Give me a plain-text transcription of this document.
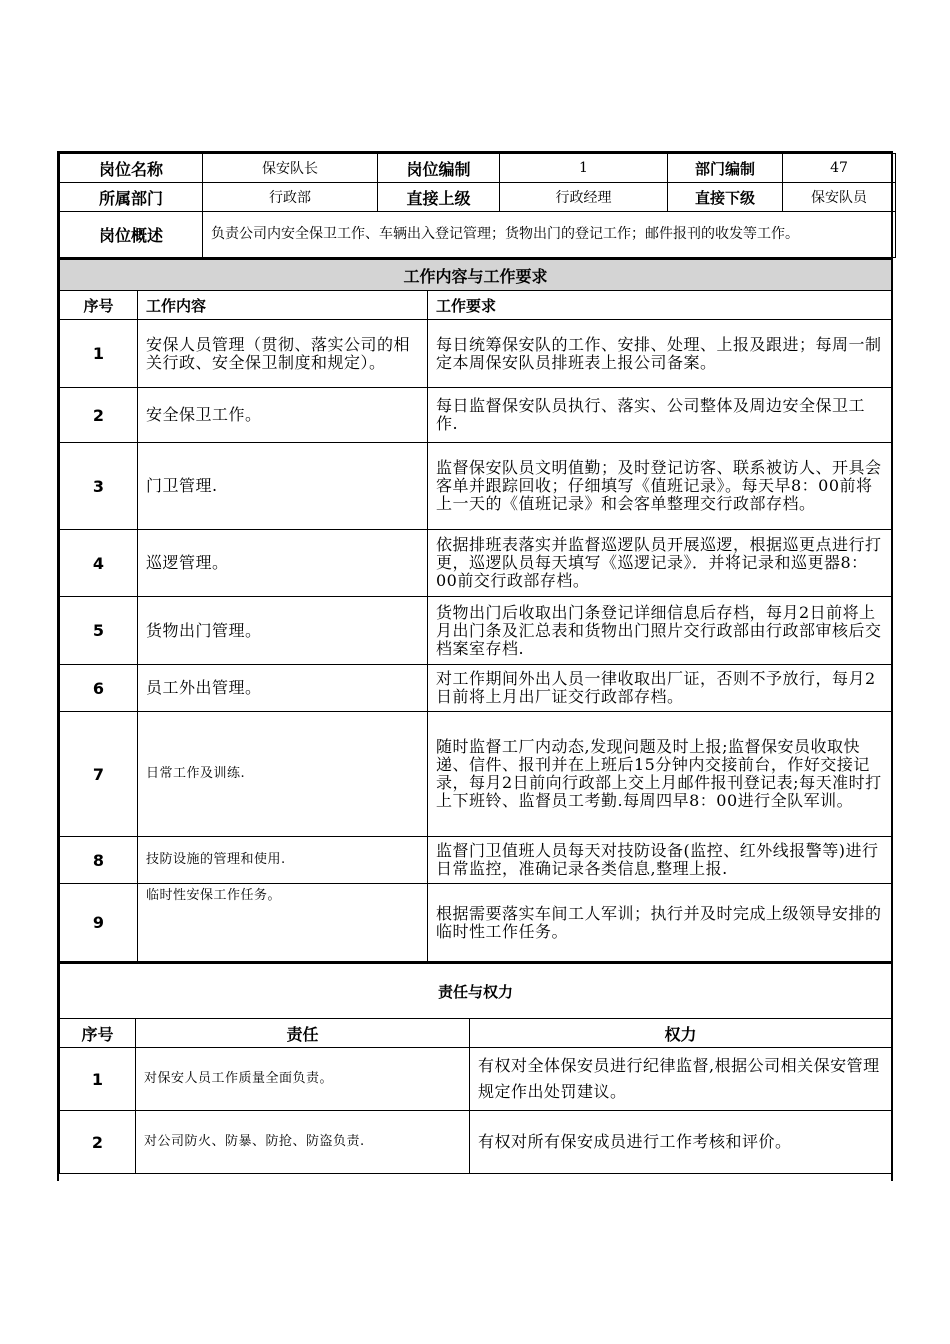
岗位名称	保安队长	岗位编制	1	部门编制	47
所属部门	行政部	直接上级	行政经理	直接下级	保安队员
岗位概述	负责公司内安全保卫工作、车辆出入登记管理；货物出门的登记工作；邮件报刊的收发等工作。				
工作内容与工作要求		
序号	工作内容	工作要求
1	安保人员管理（贯彻、落实公司的相关行政、安全保卫制度和规定）。	每日统筹保安队的工作、安排、处理、上报及跟进；每周一制定本周保安队员排班表上报公司备案。
2	安全保卫工作。	每日监督保安队员执行、落实、公司整体及周边安全保卫工作.
3	门卫管理.	监督保安队员文明值勤；及时登记访客、联系被访人、开具会客单并跟踪回收；仔细填写《值班记录》。每天早8：00前将上一天的《值班记录》和会客单整理交行政部存档。
4	巡逻管理。	依据排班表落实并监督巡逻队员开展巡逻，根据巡更点进行打更，巡逻队员每天填写《巡逻记录》．并将记录和巡更器8：00前交行政部存档。
5	货物出门管理。	货物出门后收取出门条登记详细信息后存档，每月2日前将上月出门条及汇总表和货物出门照片交行政部由行政部审核后交档案室存档.
6	员工外出管理。	对工作期间外出人员一律收取出厂证，否则不予放行，每月2日前将上月出厂证交行政部存档。
7	日常工作及训练.	随时监督工厂内动态,发现问题及时上报;监督保安员收取快递、信件、报刊并在上班后15分钟内交接前台，作好交接记录，每月2日前向行政部上交上月邮件报刊登记表;每天准时打上下班铃、监督员工考勤.每周四早8：00进行全队军训。
8	技防设施的管理和使用.	监督门卫值班人员每天对技防设备(监控、红外线报警等)进行日常监控，准确记录各类信息,整理上报.
9	临时性安保工作任务。	根据需要落实车间工人军训；执行并及时完成上级领导安排的临时性工作任务。
责任与权力		
序号	责任	权力
1	对保安人员工作质量全面负责。	有权对全体保安员进行纪律监督,根据公司相关保安管理规定作出处罚建议。
2	对公司防火、防暴、防抢、防盗负责.	有权对所有保安成员进行工作考核和评价。
